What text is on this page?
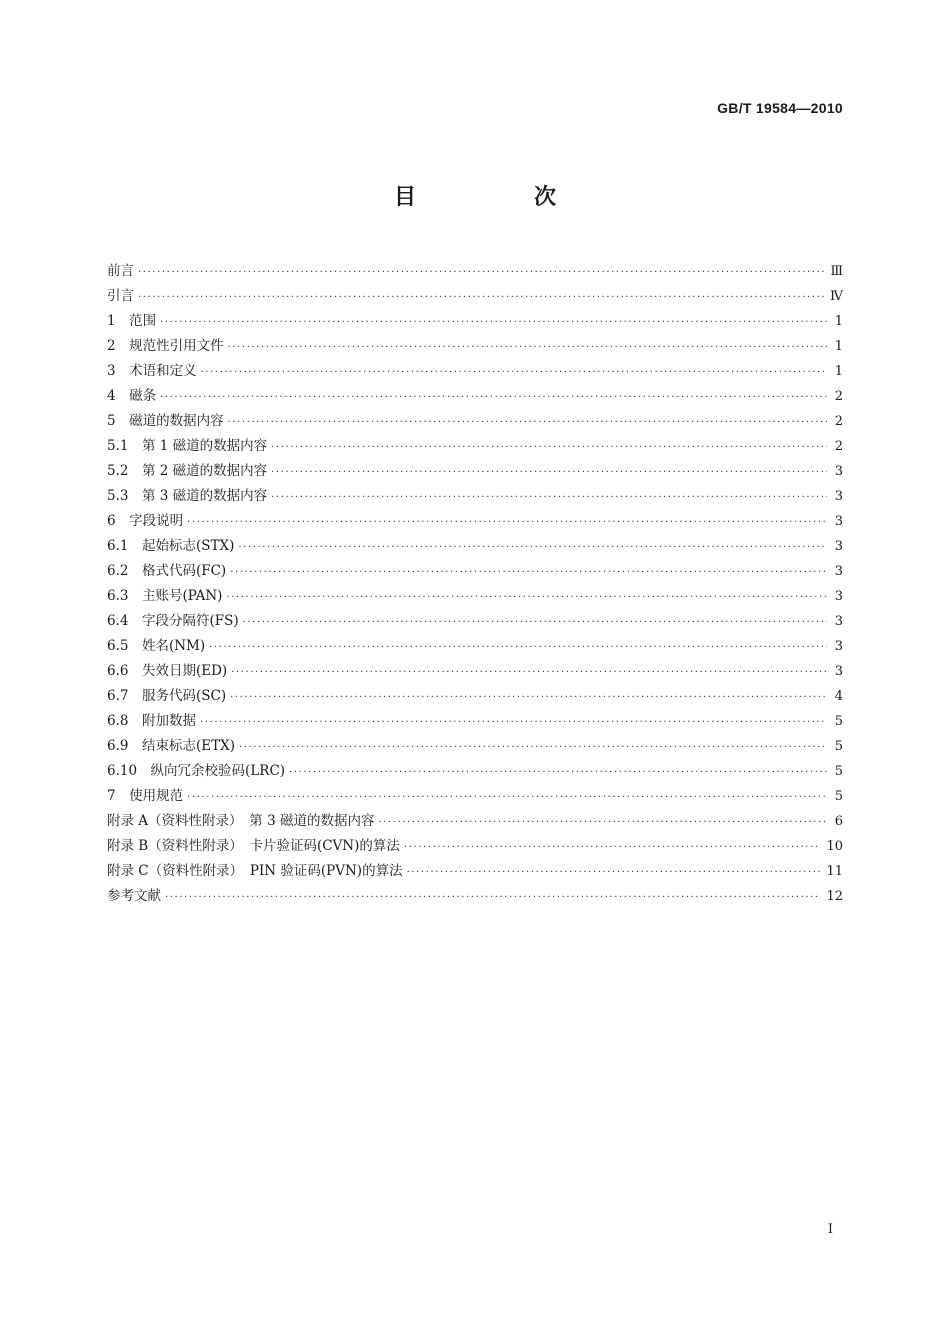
GB/T 19584—2010
目　次
前言 ·····	Ⅲ
引言 ·····	Ⅳ
1　范围 ·····	1
2　规范性引用文件 ·····	1
3　术语和定义 ·····	1
4　磁条 ·····	2
5　磁道的数据内容 ·····	2
5.1　第 1 磁道的数据内容 ·····	2
5.2　第 2 磁道的数据内容 ·····	3
5.3　第 3 磁道的数据内容 ·····	3
6　字段说明 ·····	3
6.1　起始标志(STX) ·····	3
6.2　格式代码(FC) ·····	3
6.3　主账号(PAN) ·····	3
6.4　字段分隔符(FS) ·····	3
6.5　姓名(NM) ·····	3
6.6　失效日期(ED) ·····	3
6.7　服务代码(SC) ·····	4
6.8　附加数据 ·····	5
6.9　结束标志(ETX) ·····	5
6.10　纵向冗余校验码(LRC) ·····	5
7　使用规范 ·····	5
附录 A（资料性附录）　第 3 磁道的数据内容 ·····	6
附录 B（资料性附录）　卡片验证码(CVN)的算法 ·····	10
附录 C（资料性附录）　PIN 验证码(PVN)的算法 ·····	11
参考文献 ·····	12
I
